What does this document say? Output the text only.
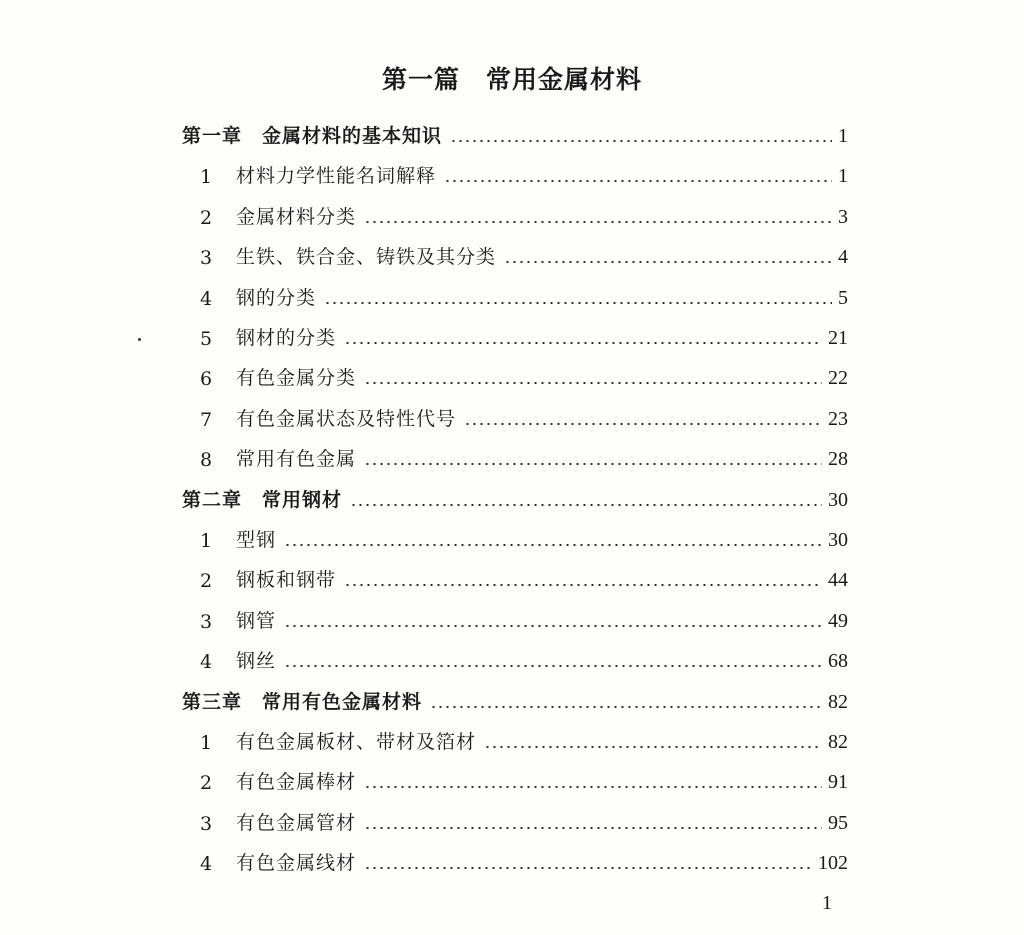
第一篇　常用金属材料
第一章　金属材料的基本知识	1
1	材料力学性能名词解释	1
2	金属材料分类	3
3	生铁、铁合金、铸铁及其分类	4
4	钢的分类	5
5	钢材的分类	21
6	有色金属分类	22
7	有色金属状态及特性代号	23
8	常用有色金属	28
第二章　常用钢材	30
1	型钢	30
2	钢板和钢带	44
3	钢管	49
4	钢丝	68
第三章　常用有色金属材料	82
1	有色金属板材、带材及箔材	82
2	有色金属棒材	91
3	有色金属管材	95
4	有色金属线材	102
1
